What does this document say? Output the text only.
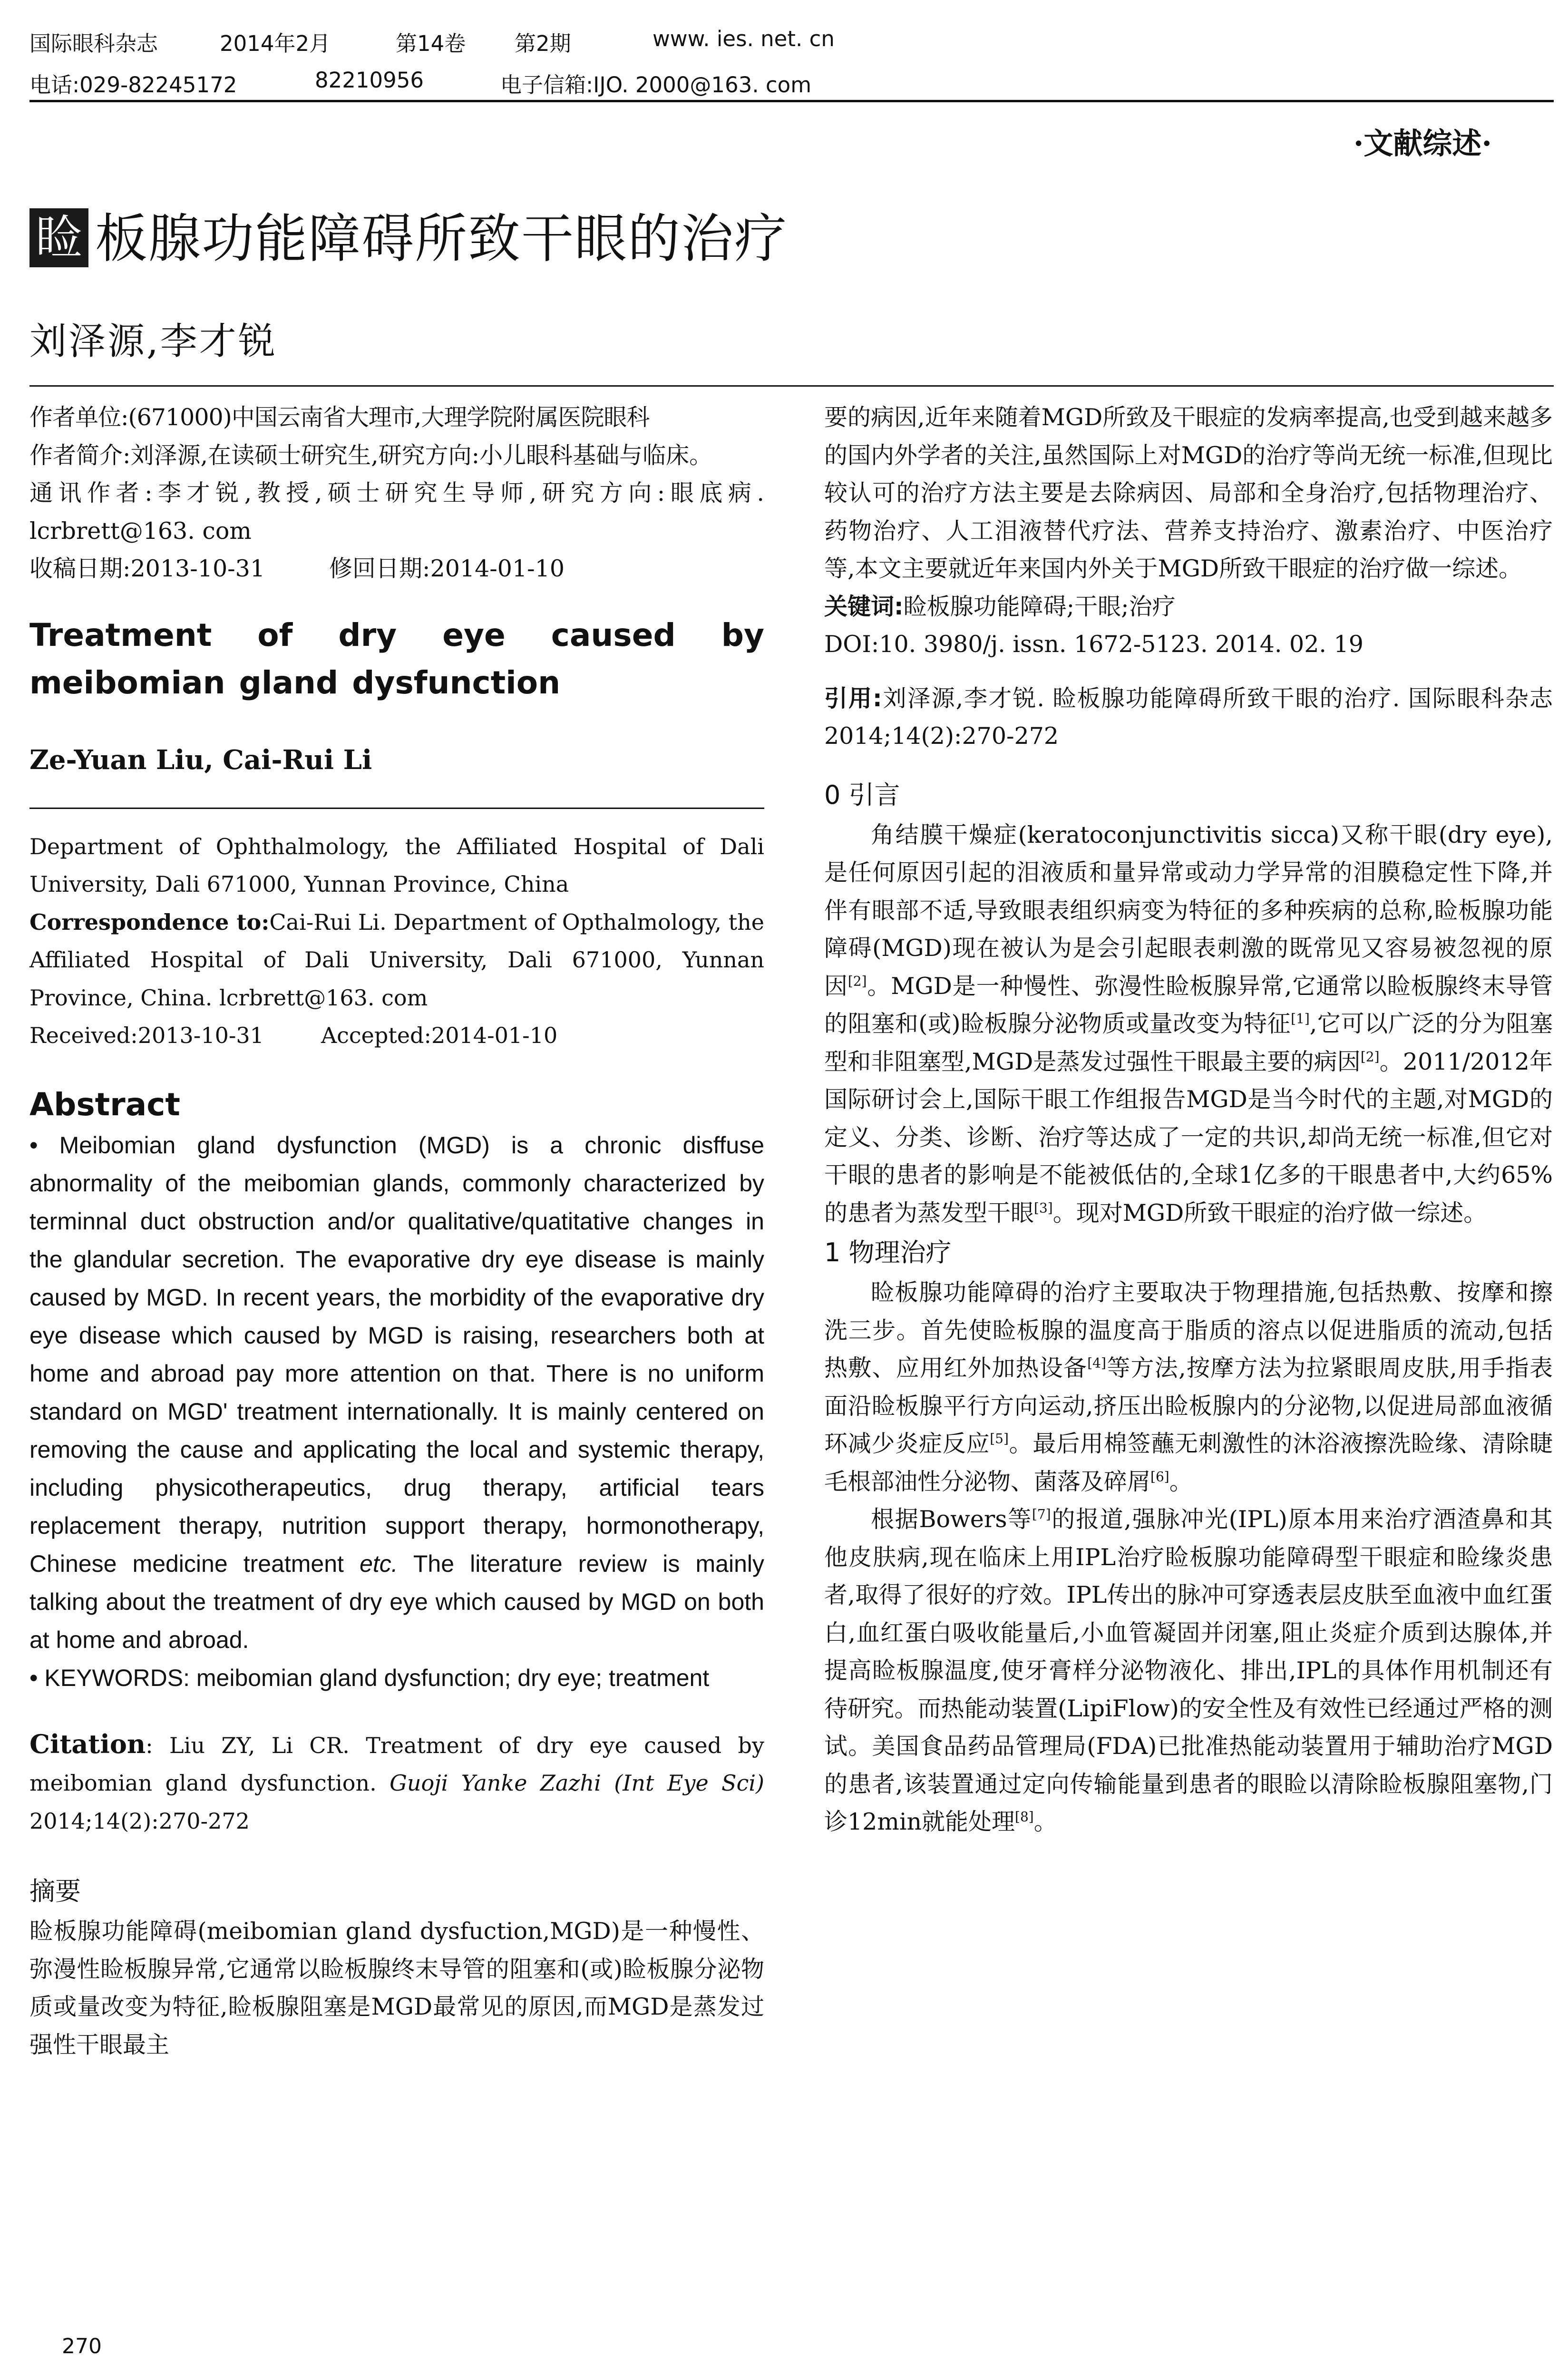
国际眼科杂志	2014年2月	第14卷 第2期	www. ies. net. cn
电话:029-82245172	82210956	电子信箱:IJO. 2000@163. com
·文献综述·
睑 板腺功能障碍所致干眼的治疗
刘泽源,李才锐

作者单位:(671000)中国云南省大理市,大理学院附属医院眼科

作者简介:刘泽源,在读硕士研究生,研究方向:小儿眼科基础与临床。

通讯作者:李才锐,教授,硕士研究生导师,研究方向:眼底病. lcrbrett@163. com

收稿日期:2013-10-31	修回日期:2014-01-10

Treatment of dry eye caused by meibomian gland dysfunction

Ze-Yuan Liu, Cai-Rui Li

Department of Ophthalmology, the Affiliated Hospital of Dali University, Dali 671000, Yunnan Province, China

Correspondence to:Cai-Rui Li. Department of Opthalmology, the Affiliated Hospital of Dali University, Dali 671000, Yunnan Province, China. lcrbrett@163. com

Received:2013-10-31	Accepted:2014-01-10

Abstract

• Meibomian gland dysfunction (MGD) is a chronic disffuse abnormality of the meibomian glands, commonly characterized by terminnal duct obstruction and/or qualitative/quatitative changes in the glandular secretion. The evaporative dry eye disease is mainly caused by MGD. In recent years, the morbidity of the evaporative dry eye disease which caused by MGD is raising, researchers both at home and abroad pay more attention on that. There is no uniform standard on MGD' treatment internationally. It is mainly centered on removing the cause and applicating the local and systemic therapy, including physicotherapeutics, drug therapy, artificial tears replacement therapy, nutrition support therapy, hormonotherapy, Chinese medicine treatment etc. The literature review is mainly talking about the treatment of dry eye which caused by MGD on both at home and abroad.

• KEYWORDS: meibomian gland dysfunction; dry eye; treatment

Citation: Liu ZY, Li CR. Treatment of dry eye caused by meibomian gland dysfunction. Guoji Yanke Zazhi (Int Eye Sci) 2014;14(2):270-272

摘要

睑板腺功能障碍(meibomian gland dysfuction,MGD)是一种慢性、弥漫性睑板腺异常,它通常以睑板腺终末导管的阻塞和(或)睑板腺分泌物质或量改变为特征,睑板腺阻塞是MGD最常见的原因,而MGD是蒸发过强性干眼最主

要的病因,近年来随着MGD所致及干眼症的发病率提高,也受到越来越多的国内外学者的关注,虽然国际上对MGD的治疗等尚无统一标准,但现比较认可的治疗方法主要是去除病因、局部和全身治疗,包括物理治疗、药物治疗、人工泪液替代疗法、营养支持治疗、激素治疗、中医治疗等,本文主要就近年来国内外关于MGD所致干眼症的治疗做一综述。

关键词:睑板腺功能障碍;干眼;治疗

DOI:10. 3980/j. issn. 1672-5123. 2014. 02. 19

引用:刘泽源,李才锐. 睑板腺功能障碍所致干眼的治疗. 国际眼科杂志 2014;14(2):270-272

0 引言

角结膜干燥症(keratoconjunctivitis sicca)又称干眼(dry eye),是任何原因引起的泪液质和量异常或动力学异常的泪膜稳定性下降,并伴有眼部不适,导致眼表组织病变为特征的多种疾病的总称,睑板腺功能障碍(MGD)现在被认为是会引起眼表刺激的既常见又容易被忽视的原因[2]。MGD是一种慢性、弥漫性睑板腺异常,它通常以睑板腺终末导管的阻塞和(或)睑板腺分泌物质或量改变为特征[1],它可以广泛的分为阻塞型和非阻塞型,MGD是蒸发过强性干眼最主要的病因[2]。2011/2012年国际研讨会上,国际干眼工作组报告MGD是当今时代的主题,对MGD的定义、分类、诊断、治疗等达成了一定的共识,却尚无统一标准,但它对干眼的患者的影响是不能被低估的,全球1亿多的干眼患者中,大约65%的患者为蒸发型干眼[3]。现对MGD所致干眼症的治疗做一综述。

1 物理治疗

睑板腺功能障碍的治疗主要取决于物理措施,包括热敷、按摩和擦洗三步。首先使睑板腺的温度高于脂质的溶点以促进脂质的流动,包括热敷、应用红外加热设备[4]等方法,按摩方法为拉紧眼周皮肤,用手指表面沿睑板腺平行方向运动,挤压出睑板腺内的分泌物,以促进局部血液循环减少炎症反应[5]。最后用棉签蘸无刺激性的沐浴液擦洗睑缘、清除睫毛根部油性分泌物、菌落及碎屑[6]。

根据Bowers等[7]的报道,强脉冲光(IPL)原本用来治疗酒渣鼻和其他皮肤病,现在临床上用IPL治疗睑板腺功能障碍型干眼症和睑缘炎患者,取得了很好的疗效。IPL传出的脉冲可穿透表层皮肤至血液中血红蛋白,血红蛋白吸收能量后,小血管凝固并闭塞,阻止炎症介质到达腺体,并提高睑板腺温度,使牙膏样分泌物液化、排出,IPL的具体作用机制还有待研究。而热能动装置(LipiFlow)的安全性及有效性已经通过严格的测试。美国食品药品管理局(FDA)已批准热能动装置用于辅助治疗MGD的患者,该装置通过定向传输能量到患者的眼睑以清除睑板腺阻塞物,门诊12min就能处理[8]。

270
